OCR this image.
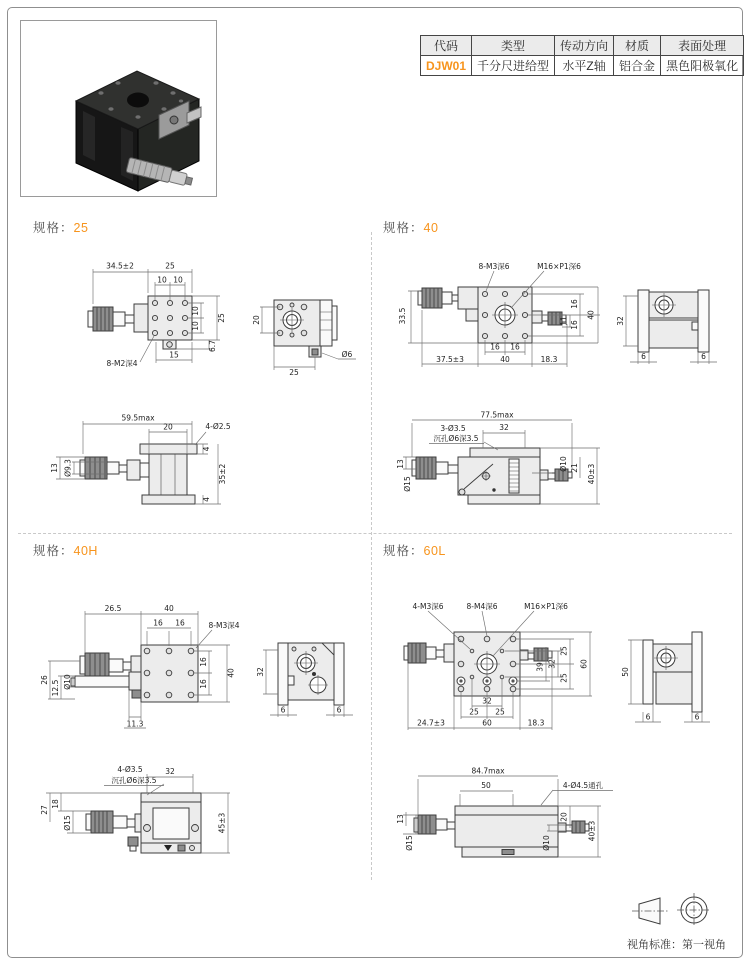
代码	类型	传动方向	材质	表面处理
DJW01	千分尺进给型	水平Z轴	铝合金	黑色阳极氧化
规格：25	规格：40
规格：40H	规格：60L
34.5±2	25
10 10
10
10
25
6.7
15
8-M2深4
20
25
Ø6
59.5max
20	4-Ø2.5
4
35±2
4
13 Ø9.3
8-M3深6	M16×P1深6
33.5
16 16
37.5±3	40	18.3
16
16
40
11	32
6	6
3-Ø3.5
沉孔Ø6深3.5
77.5max
32
13
Ø15
Ø10 21 40±3
26.5	40
16 16	8-M3深4
26 12.5 Ø10
11.3
16
16
40	32
6	6
4-Ø3.5
沉孔Ø6深3.5
32
27
18
Ø15	45±3
4-M3深6	8-M4深6	M16×P1深6
25
25
32
39	60
32
25 25
24.7±3	60	18.3
50
6	6
84.7max
50	4-Ø4.5通孔
13
Ø15
20
Ø10
40±3
视角标准：第一视角
